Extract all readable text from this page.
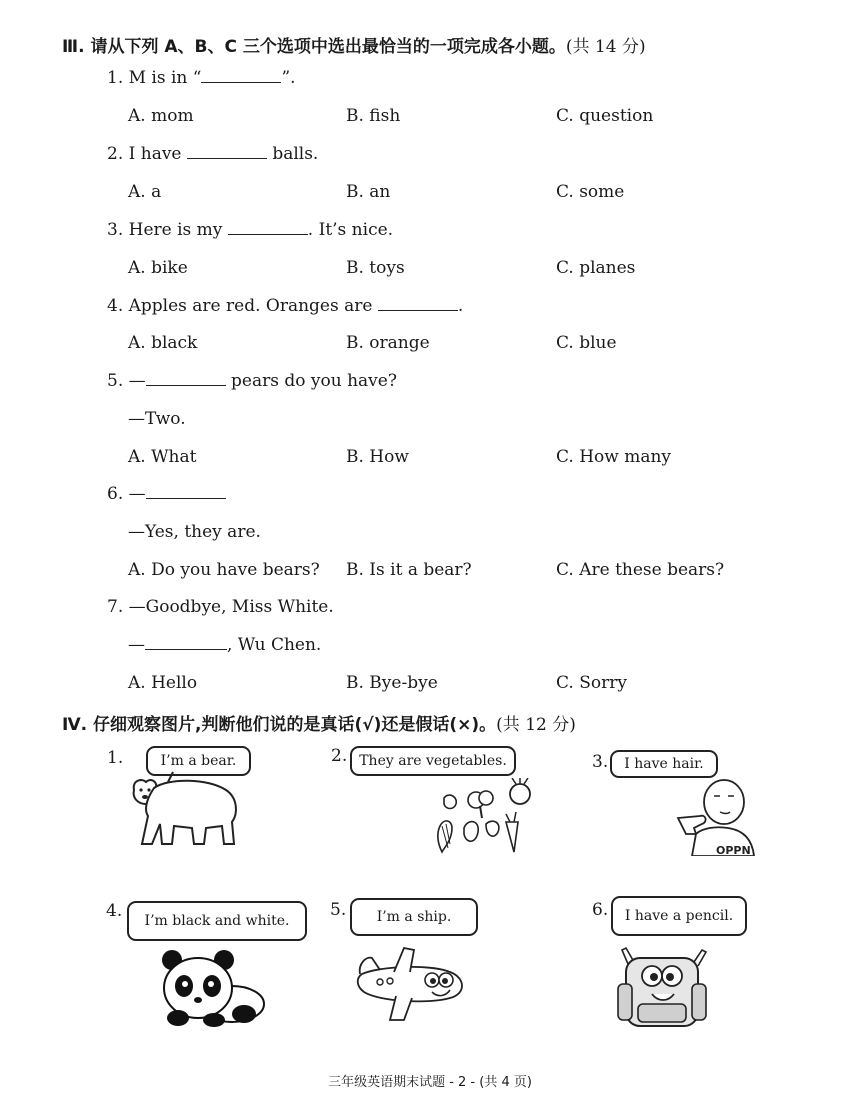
Ⅲ. 请从下列 A、B、C 三个选项中选出最恰当的一项完成各小题。(共 14 分)
1. M is in “	”.
A. mom	B. fish	C. question
2. I have	balls.
A. a	B. an	C. some
3. Here is my	. It’s nice.
A. bike	B. toys	C. planes
4. Apples are red. Oranges are	.
A. black	B. orange	C. blue
5. —	pears do you have?
—Two.
A. What	B. How	C. How many
6. —
—Yes, they are.
A. Do you have bears? B. Is it a bear?	C. Are these bears?
7. —Goodbye, Miss White.
—	, Wu Chen.
A. Hello	B. Bye-bye	C. Sorry
Ⅳ. 仔细观察图片,判断他们说的是真话(√)还是假话(×)。(共 12 分)
1.	I’m a bear.	2. They are vegetables.	3.	I have hair.
OPPN
4.	I’m black and white.
5.	I’m a ship.	6.	I have a pencil.
三年级英语期末试题 - 2 - (共 4 页)
